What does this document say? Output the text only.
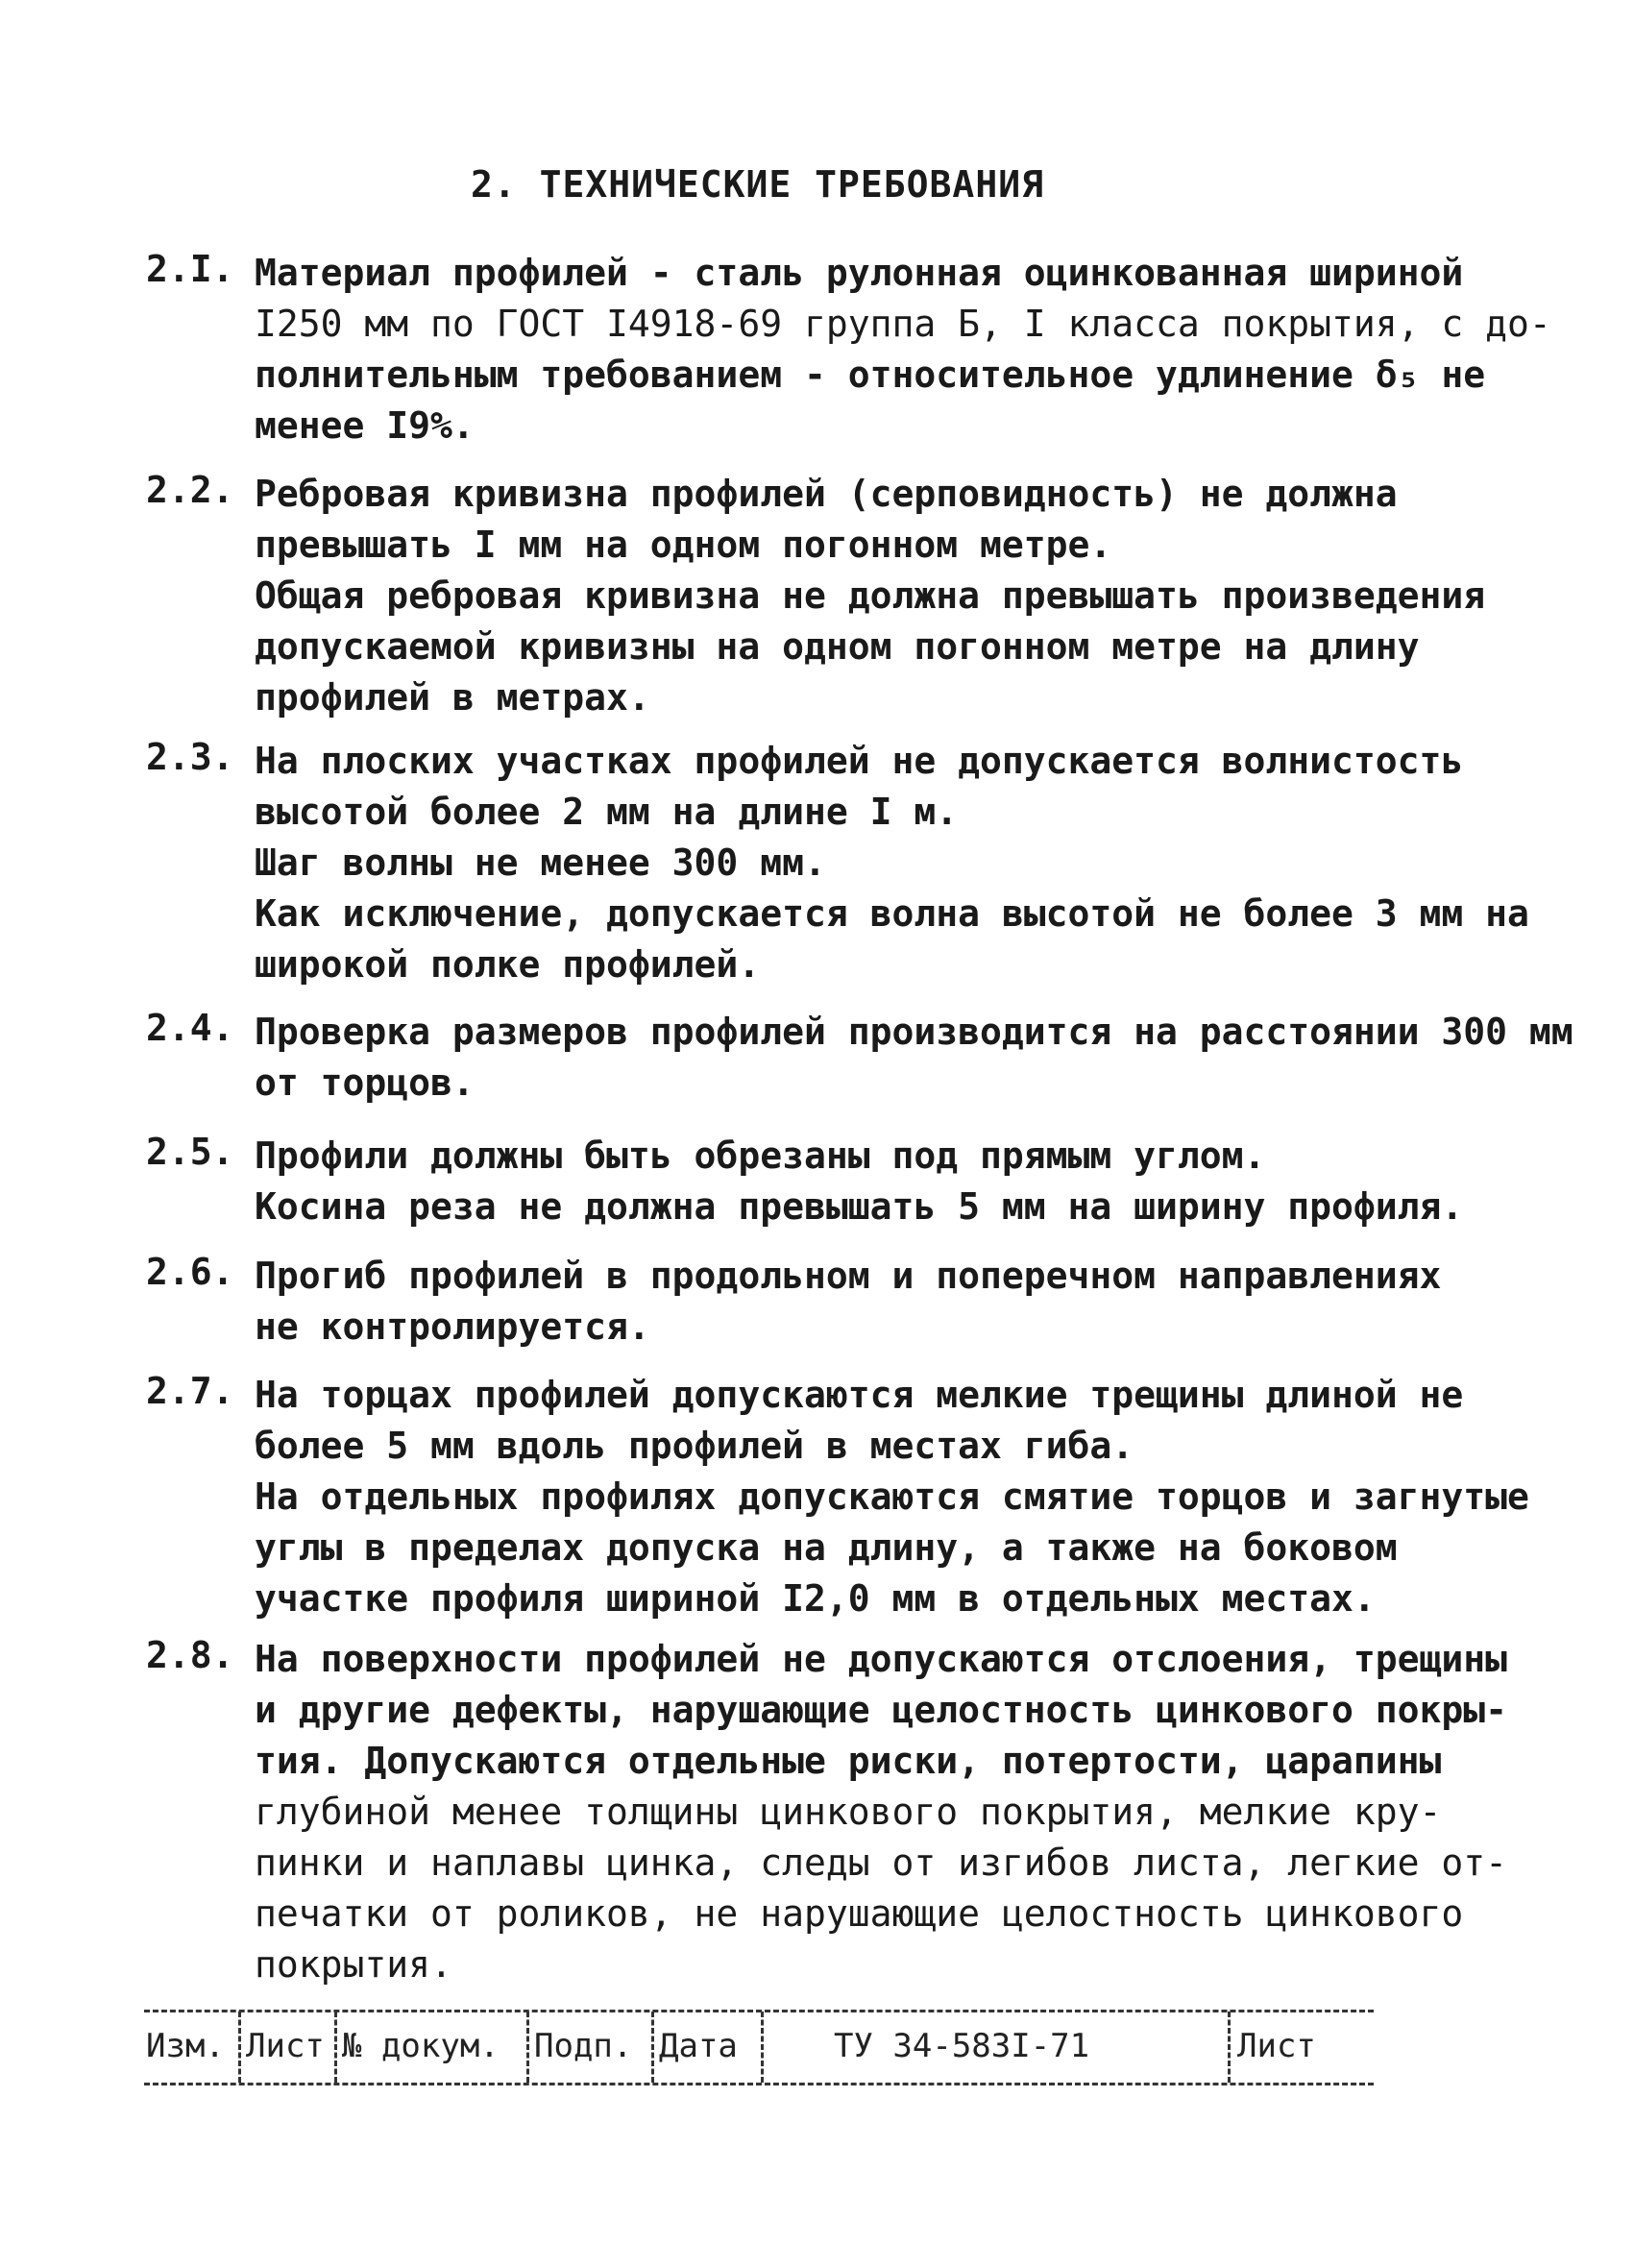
2. ТЕХНИЧЕСКИЕ ТРЕБОВАНИЯ
2.I. Материал профилей - сталь рулонная оцинкованная шириной
I250 мм по ГОСТ I4918-69 группа Б, I класса покрытия, с до-
полнительным требованием - относительное удлинение δ₅ не
менее I9%.
2.2. Ребровая кривизна профилей (серповидность) не должна
превышать I мм на одном погонном метре.
Общая ребровая кривизна не должна превышать произведения
допускаемой кривизны на одном погонном метре на длину
профилей в метрах.
2.3. На плоских участках профилей не допускается волнистость
высотой более 2 мм на длине I м.
Шаг волны не менее 300 мм.
Как исключение, допускается волна высотой не более 3 мм на
широкой полке профилей.
2.4. Проверка размеров профилей производится на расстоянии 300 мм
от торцов.
2.5. Профили должны быть обрезаны под прямым углом.
Косина реза не должна превышать 5 мм на ширину профиля.
2.6. Прогиб профилей в продольном и поперечном направлениях
не контролируется.
2.7. На торцах профилей допускаются мелкие трещины длиной не
более 5 мм вдоль профилей в местах гиба.
На отдельных профилях допускаются смятие торцов и загнутые
углы в пределах допуска на длину, а также на боковом
участке профиля шириной I2,0 мм в отдельных местах.
2.8. На поверхности профилей не допускаются отслоения, трещины
и другие дефекты, нарушающие целостность цинкового покры-
тия. Допускаются отдельные риски, потертости, царапины
глубиной менее толщины цинкового покрытия, мелкие кру-
пинки и наплавы цинка, следы от изгибов листа, легкие от-
печатки от роликов, не нарушающие целостность цинкового
покрытия.
Изм. Лист № докум. Подп. Дата	ТУ 34-583I-71	Лист
